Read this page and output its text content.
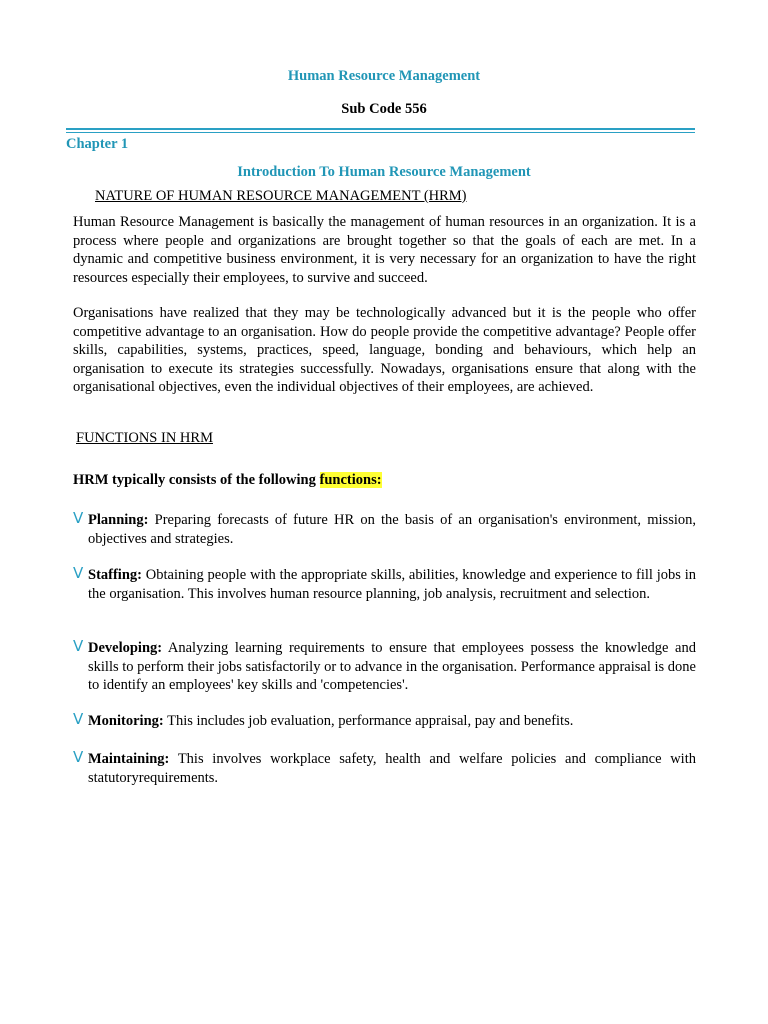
Human Resource Management
Sub Code 556
Chapter 1
Introduction To Human Resource Management
NATURE OF HUMAN RESOURCE MANAGEMENT (HRM)

Human Resource Management is basically the management of human resources in an organization. It is a process where people and organizations are brought together so that the goals of each are met. In a dynamic and competitive business environment, it is very necessary for an organization to have the right resources especially their employees, to survive and succeed.

Organisations have realized that they may be technologically advanced but it is the people who offer competitive advantage to an organisation. How do people provide the competitive advantage? People offer skills, capabilities, systems, practices, speed, language, bonding and behaviours, which help an organisation to execute its strategies successfully. Nowadays, organisations ensure that along with the organisational objectives, even the individual objectives of their employees, are achieved.

FUNCTIONS IN HRM
HRM typically consists of the following functions:
V Planning: Preparing forecasts of future HR on the basis of an organisation's environment, mission, objectives and strategies.
V Staffing: Obtaining people with the appropriate skills, abilities, knowledge and experience to fill jobs in the organisation. This involves human resource planning, job analysis, recruitment and selection.
V Developing: Analyzing learning requirements to ensure that employees possess the knowledge and skills to perform their jobs satisfactorily or to advance in the organisation. Performance appraisal is done to identify an employees' key skills and 'competencies'.
V Monitoring: This includes job evaluation, performance appraisal, pay and benefits.
V Maintaining: This involves workplace safety, health and welfare policies and compliance with statutoryrequirements.
